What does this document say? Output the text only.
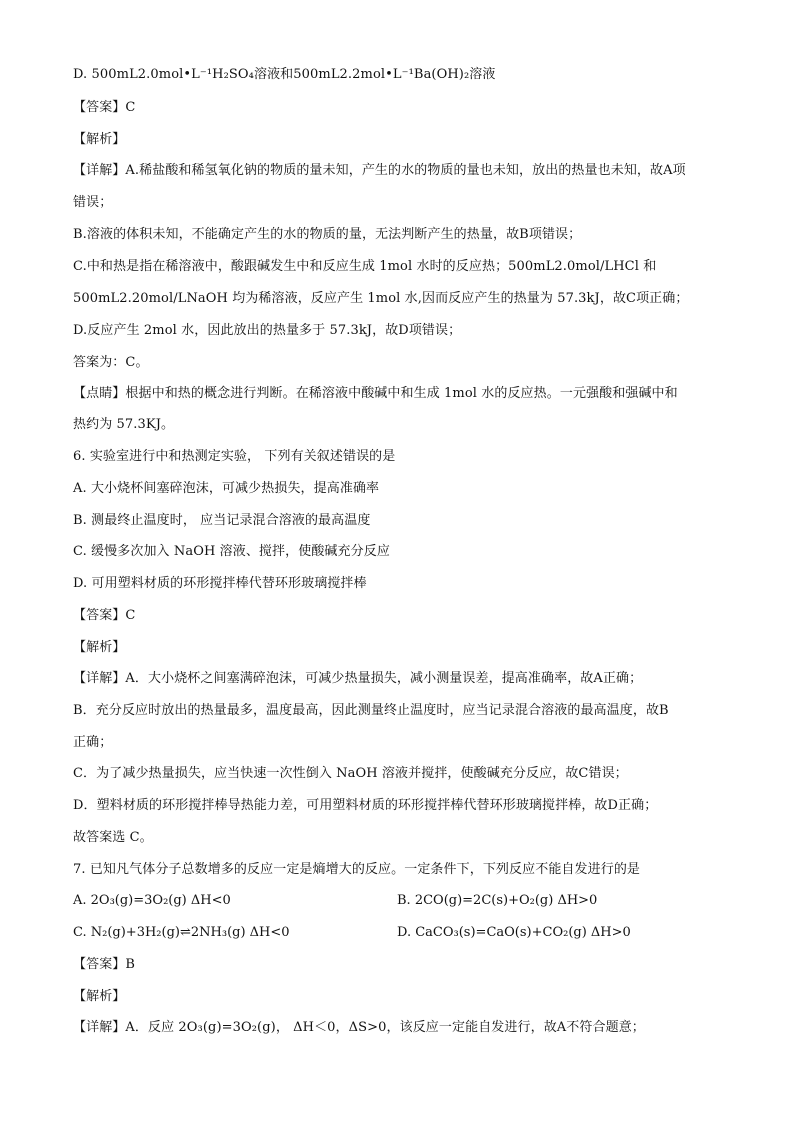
D. 500mL2.0mol•L⁻¹H₂SO₄溶液和500mL2.2mol•L⁻¹Ba(OH)₂溶液
【答案】C
【解析】
【详解】A.稀盐酸和稀氢氧化钠的物质的量未知，产生的水的物质的量也未知，放出的热量也未知，故A项
错误；
B.溶液的体积未知，不能确定产生的水的物质的量，无法判断产生的热量，故B项错误；
C.中和热是指在稀溶液中，酸跟碱发生中和反应生成 1mol 水时的反应热；500mL2.0mol/LHCl 和
500mL2.20mol/LNaOH 均为稀溶液，反应产生 1mol 水,因而反应产生的热量为 57.3kJ，故C项正确；
D.反应产生 2mol 水，因此放出的热量多于 57.3kJ，故D项错误；
答案为：C。
【点睛】根据中和热的概念进行判断。在稀溶液中酸碱中和生成 1mol 水的反应热。一元强酸和强碱中和
热约为 57.3KJ。
6. 实验室进行中和热测定实验， 下列有关叙述错误的是
A. 大小烧杯间塞碎泡沫，可减少热损失，提高准确率
B. 测最终止温度时， 应当记录混合溶液的最高温度
C. 缓慢多次加入 NaOH 溶液、搅拌，使酸碱充分反应
D. 可用塑料材质的环形搅拌棒代替环形玻璃搅拌棒
【答案】C
【解析】
【详解】A．大小烧杯之间塞满碎泡沫，可减少热量损失，减小测量误差，提高准确率，故A正确；
B．充分反应时放出的热量最多，温度最高，因此测量终止温度时，应当记录混合溶液的最高温度，故B
正确；
C．为了减少热量损失，应当快速一次性倒入 NaOH 溶液并搅拌，使酸碱充分反应，故C错误；
D．塑料材质的环形搅拌棒导热能力差，可用塑料材质的环形搅拌棒代替环形玻璃搅拌棒，故D正确；
故答案选 C。
7. 已知凡气体分子总数增多的反应一定是熵增大的反应。一定条件下，下列反应不能自发进行的是
A. 2O₃(g)=3O₂(g) ΔH<0	B. 2CO(g)=2C(s)+O₂(g) ΔH>0
C. N₂(g)+3H₂(g)⇌2NH₃(g) ΔH<0	D. CaCO₃(s)=CaO(s)+CO₂(g) ΔH>0
【答案】B
【解析】
【详解】A．反应 2O₃(g)=3O₂(g)， ΔH＜0，ΔS>0，该反应一定能自发进行，故A不符合题意；
